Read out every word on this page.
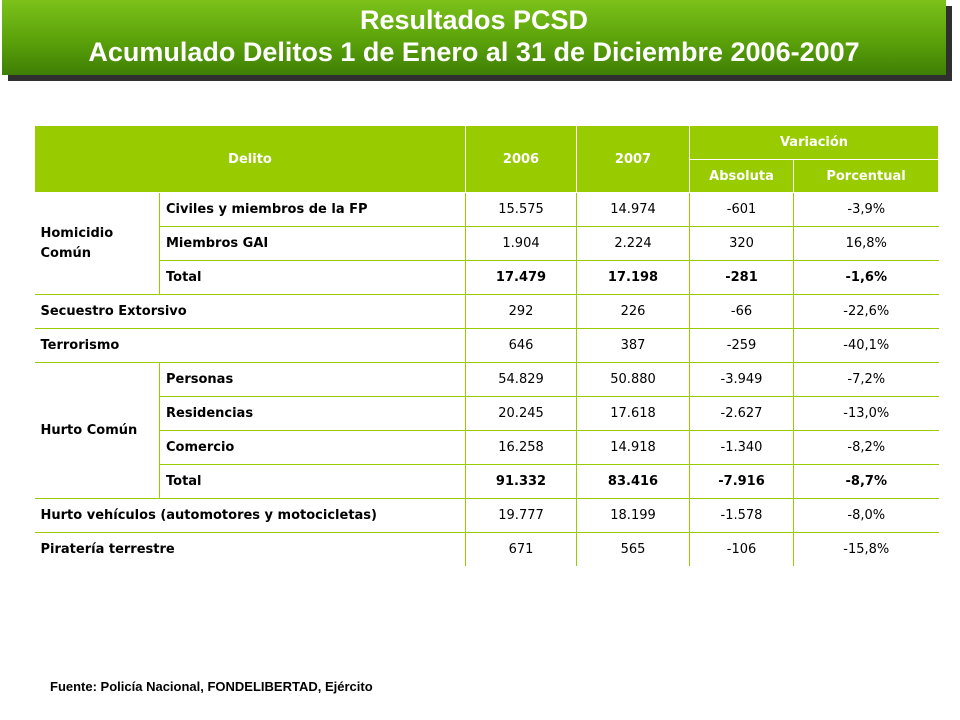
Resultados PCSD
Acumulado Delitos 1 de Enero al 31 de Diciembre 2006-2007
Delito		2006	2007	Variación	
				Absoluta	Porcentual
Homicidio Común	Civiles y miembros de la FP	15.575	14.974	-601	-3,9%
	Miembros GAI	1.904	2.224	320	16,8%
	Total	17.479	17.198	-281	-1,6%
Secuestro Extorsivo		292	226	-66	-22,6%
Terrorismo		646	387	-259	-40,1%
Hurto Común	Personas	54.829	50.880	-3.949	-7,2%
	Residencias	20.245	17.618	-2.627	-13,0%
	Comercio	16.258	14.918	-1.340	-8,2%
	Total	91.332	83.416	-7.916	-8,7%
Hurto vehículos (automotores y motocicletas)		19.777	18.199	-1.578	-8,0%
Piratería terrestre		671	565	-106	-15,8%
Fuente: Policía Nacional, FONDELIBERTAD, Ejército
